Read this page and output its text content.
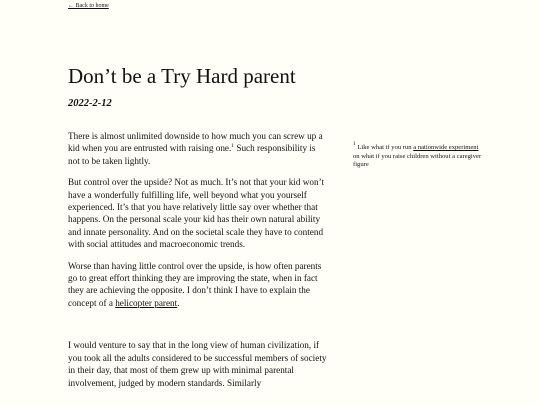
← Back to home
Don’t be a Try Hard parent
2022-2-12

There is almost unlimited downside to how much you can screw up a kid when you are entrusted with raising one.$^1$ Such responsibility is not to be taken lightly.

But control over the upside? Not as much. It’s not that your kid won’t have a wonderfully fulfilling life, well beyond what you yourself experienced. It’s that you have relatively little say over whether that happens. On the personal scale your kid has their own natural ability and innate personality. And on the societal scale they have to contend with social attitudes and macroeconomic trends.

Worse than having little control over the upside, is how often parents go to great effort thinking they are improving the state, when in fact they are achieving the opposite. I don’t think I have to explain the concept of a helicopter parent.

I would venture to say that in the long view of human civilization, if you took all the adults considered to be successful members of society in their day, that most of them grew up with minimal parental involvement, judged by modern standards. Similarly

$^1$ Like what if you run a nationwide experiment on what if you raise children without a caregiver figure
